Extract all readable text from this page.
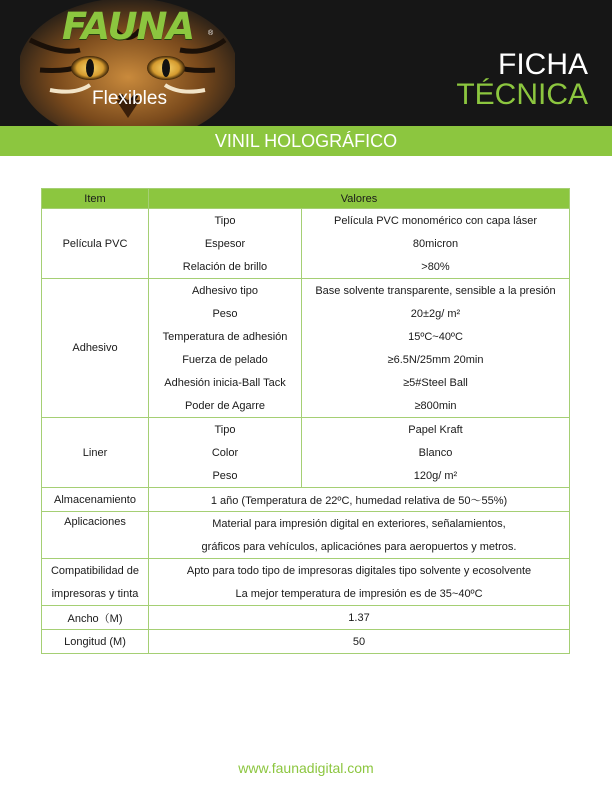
FAUNA ®
Flexibles
FICHA
TÉCNICA
VINIL HOLOGRÁFICO
Item	Valores	
Película PVC	Tipo	Película PVC monomérico con capa láser
	Espesor	80micron
	Relación de brillo	>80%
Adhesivo	Adhesivo tipo	Base solvente transparente, sensible a la presión
	Peso	20±2g/ m²
	Temperatura de adhesión	15ºC~40ºC
	Fuerza de pelado	≥6.5N/25mm 20min
	Adhesión inicia-Ball Tack	≥5#Steel Ball
	Poder de Agarre	≥800min
Liner	Tipo	Papel Kraft
	Color	Blanco
	Peso	120g/ m²
Almacenamiento	1 año (Temperatura de 22ºC, humedad relativa de 50～55%)	
Aplicaciones	Material para impresión digital en exteriores, señalamientos,	
	gráficos para vehículos, aplicaciónes para aeropuertos y metros.	
Compatibilidad de	Apto para todo tipo de impresoras digitales tipo solvente y ecosolvente	
impresoras y tinta	La mejor temperatura de impresión es de 35~40ºC	
Ancho（M)	1.37	
Longitud (M)	50	
www.faunadigital.com
